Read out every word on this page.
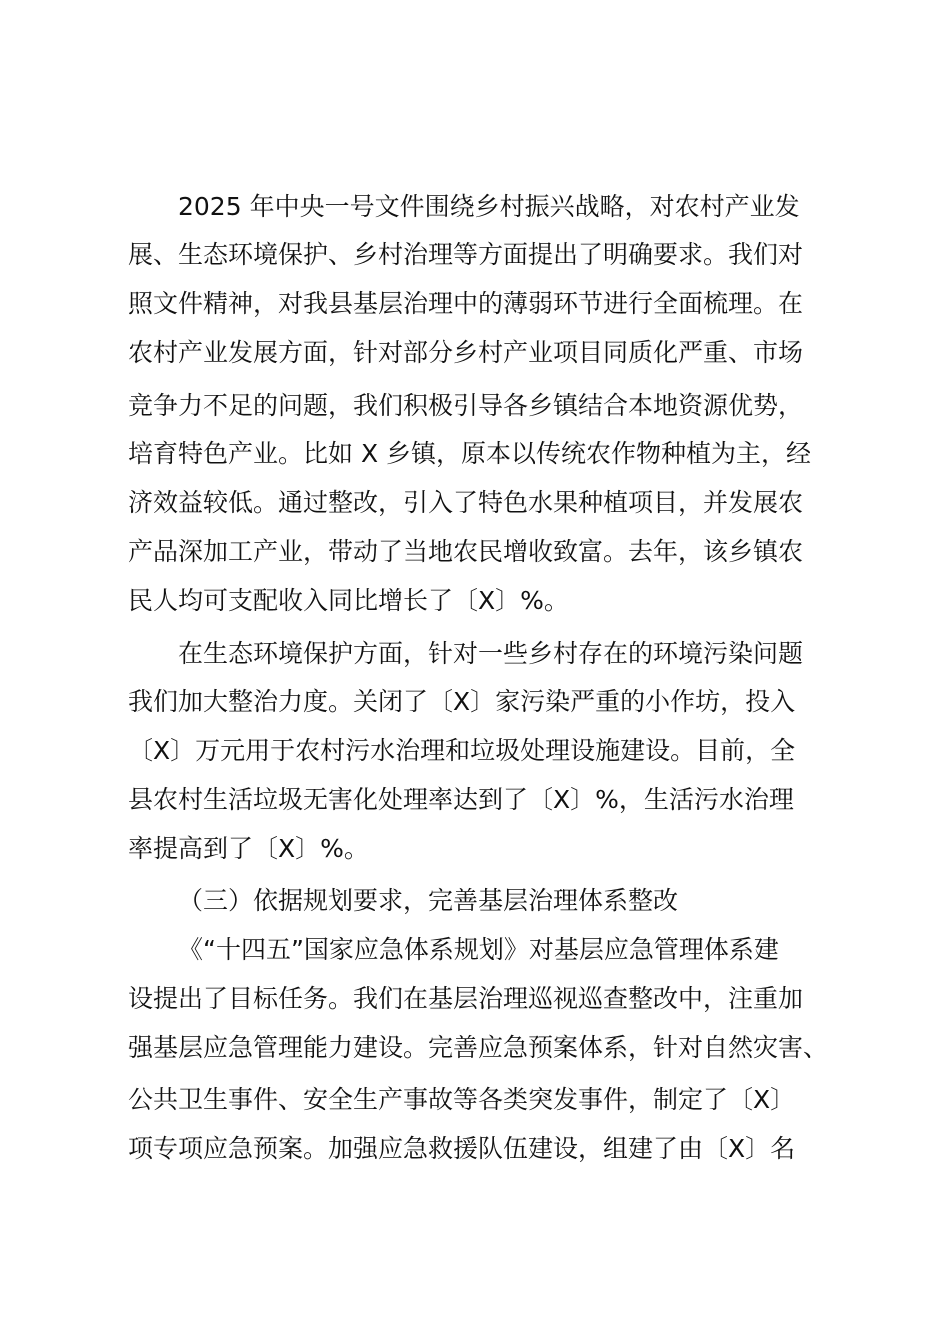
2025 年中央一号文件围绕乡村振兴战略，对农村产业发
展、生态环境保护、乡村治理等方面提出了明确要求。我们对
照文件精神，对我县基层治理中的薄弱环节进行全面梳理。在
农村产业发展方面，针对部分乡村产业项目同质化严重、市场
竞争力不足的问题，我们积极引导各乡镇结合本地资源优势，
培育特色产业。比如 X 乡镇，原本以传统农作物种植为主，经
济效益较低。通过整改，引入了特色水果种植项目，并发展农
产品深加工产业，带动了当地农民增收致富。去年，该乡镇农
民人均可支配收入同比增长了〔X〕%。
在生态环境保护方面，针对一些乡村存在的环境污染问题
我们加大整治力度。关闭了〔X〕家污染严重的小作坊，投入
〔X〕万元用于农村污水治理和垃圾处理设施建设。目前，全
县农村生活垃圾无害化处理率达到了〔X〕%，生活污水治理
率提高到了〔X〕%。
（三）依据规划要求，完善基层治理体系整改
《“十四五”国家应急体系规划》对基层应急管理体系建
设提出了目标任务。我们在基层治理巡视巡查整改中，注重加
强基层应急管理能力建设。完善应急预案体系，针对自然灾害、
公共卫生事件、安全生产事故等各类突发事件，制定了〔X〕
项专项应急预案。加强应急救援队伍建设，组建了由〔X〕名
